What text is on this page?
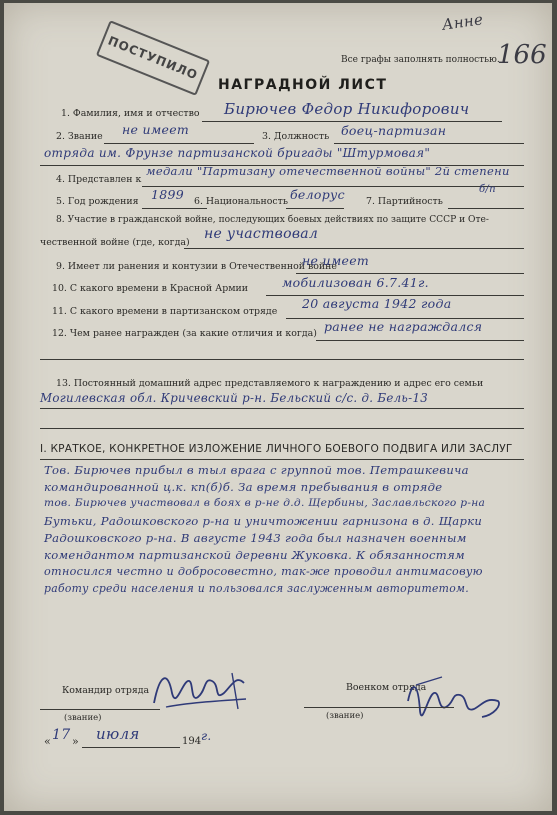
Анне
Все графы заполнять полностью.
166
ПОСТУПИЛО
НАГРАДНОЙ ЛИСТ
1. Фамилия, имя и отчество Бирючев Федор Никифорович
2. Звание не имеет	3. Должность боец-партизан
отряда им. Фрунзе партизанской бригады "Штурмовая"
4. Представлен к
медали "Партизану отечественной войны" 2й степени
5. Год рождения 1899 6. Национальность белорус 7. Партийность
б/п
8. Участие в гражданской войне, последующих боевых действиях по защите СССР и Оте-
чественной войне (где, когда)
не участвовал
9. Имеет ли ранения и контузии в Отечественной войне
не имеет
10. С какого времени в Красной Армии	мобилизован 6.7.41г.
11. С какого времени в партизанском отряде
20 августа 1942 года
12. Чем ранее награжден (за какие отличия и когда) ранее не награждался
13. Постоянный домашний адрес представляемого к награждению и адрес его семьи
Могилевская обл. Кричевский р-н. Бельский с/с. д. Бель-13
I. КРАТКОЕ, КОНКРЕТНОЕ ИЗЛОЖЕНИЕ ЛИЧНОГО БОЕВОГО ПОДВИГА ИЛИ ЗАСЛУГ
Тов. Бирючев прибыл в тыл врага с группой тов. Петрашкевича
командированной ц.к. кп(б)б. За время пребывания в отряде
тов. Бирючев участвовал в боях в р-не д.д. Щербины, Заславльского р-на
Бутьки, Радошковского р-на и уничтожении гарнизона в д. Щарки
Радошковского р-на. В августе 1943 года был назначен военным
комендантом партизанской деревни Жуковка. К обязанностям
относился честно и добросовестно, так-же проводил антимасовую
работу среди населения и пользовался заслуженным авторитетом.
Командир отряда
(звание)
Военком отряда
(звание)
« 17 » июля	194 г.
